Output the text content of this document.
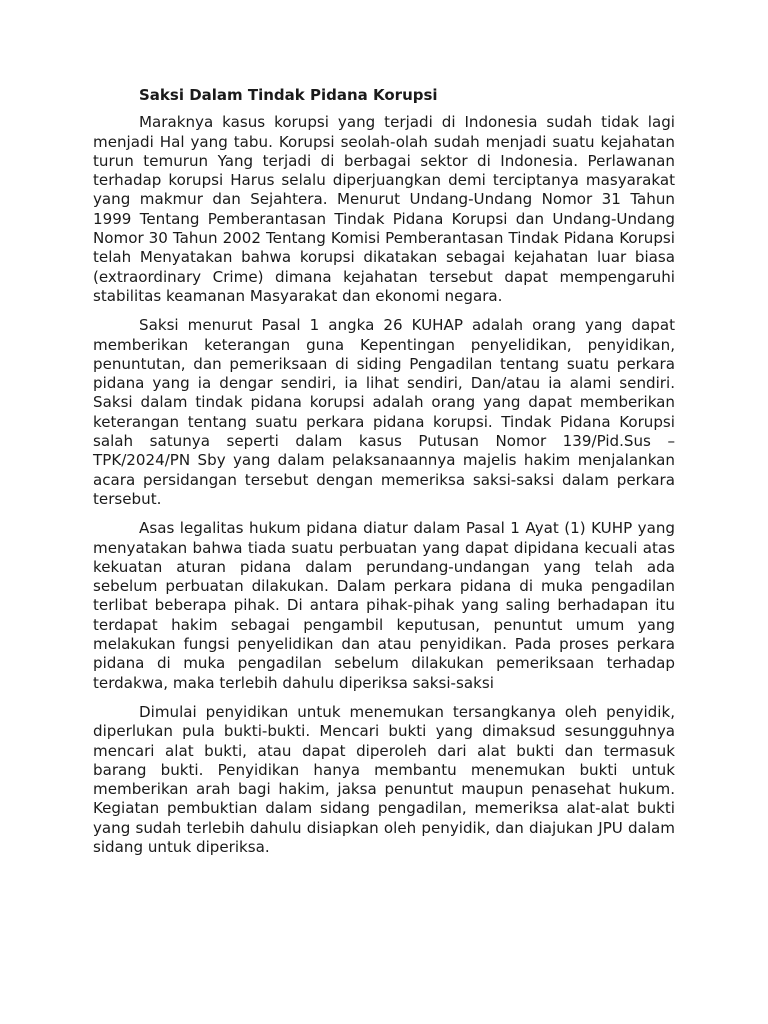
Saksi Dalam Tindak Pidana Korupsi

Maraknya kasus korupsi yang terjadi di Indonesia sudah tidak lagi menjadi Hal yang tabu. Korupsi seolah-olah sudah menjadi suatu kejahatan turun temurun Yang terjadi di berbagai sektor di Indonesia. Perlawanan terhadap korupsi Harus selalu diperjuangkan demi terciptanya masyarakat yang makmur dan Sejahtera. Menurut Undang-Undang Nomor 31 Tahun 1999 Tentang Pemberantasan Tindak Pidana Korupsi dan Undang-Undang Nomor 30 Tahun 2002 Tentang Komisi Pemberantasan Tindak Pidana Korupsi telah Menyatakan bahwa korupsi dikatakan sebagai kejahatan luar biasa (extraordinary Crime) dimana kejahatan tersebut dapat mempengaruhi stabilitas keamanan Masyarakat dan ekonomi negara.

Saksi menurut Pasal 1 angka 26 KUHAP adalah orang yang dapat memberikan keterangan guna Kepentingan penyelidikan, penyidikan, penuntutan, dan pemeriksaan di siding Pengadilan tentang suatu perkara pidana yang ia dengar sendiri, ia lihat sendiri, Dan/atau ia alami sendiri. Saksi dalam tindak pidana korupsi adalah orang yang dapat memberikan keterangan tentang suatu perkara pidana korupsi. Tindak Pidana Korupsi salah satunya seperti dalam kasus Putusan Nomor 139/Pid.Sus – TPK/2024/PN Sby yang dalam pelaksanaannya majelis hakim menjalankan acara persidangan tersebut dengan memeriksa saksi-saksi dalam perkara tersebut.

Asas legalitas hukum pidana diatur dalam Pasal 1 Ayat (1) KUHP yang menyatakan bahwa tiada suatu perbuatan yang dapat dipidana kecuali atas kekuatan aturan pidana dalam perundang-undangan yang telah ada sebelum perbuatan dilakukan. Dalam perkara pidana di muka pengadilan terlibat beberapa pihak. Di antara pihak-pihak yang saling berhadapan itu terdapat hakim sebagai pengambil keputusan, penuntut umum yang melakukan fungsi penyelidikan dan atau penyidikan. Pada proses perkara pidana di muka pengadilan sebelum dilakukan pemeriksaan terhadap terdakwa, maka terlebih dahulu diperiksa saksi-saksi

Dimulai penyidikan untuk menemukan tersangkanya oleh penyidik, diperlukan pula bukti-bukti. Mencari bukti yang dimaksud sesungguhnya mencari alat bukti, atau dapat diperoleh dari alat bukti dan termasuk barang bukti. Penyidikan hanya membantu menemukan bukti untuk memberikan arah bagi hakim, jaksa penuntut maupun penasehat hukum. Kegiatan pembuktian dalam sidang pengadilan, memeriksa alat-alat bukti yang sudah terlebih dahulu disiapkan oleh penyidik, dan diajukan JPU dalam sidang untuk diperiksa.
